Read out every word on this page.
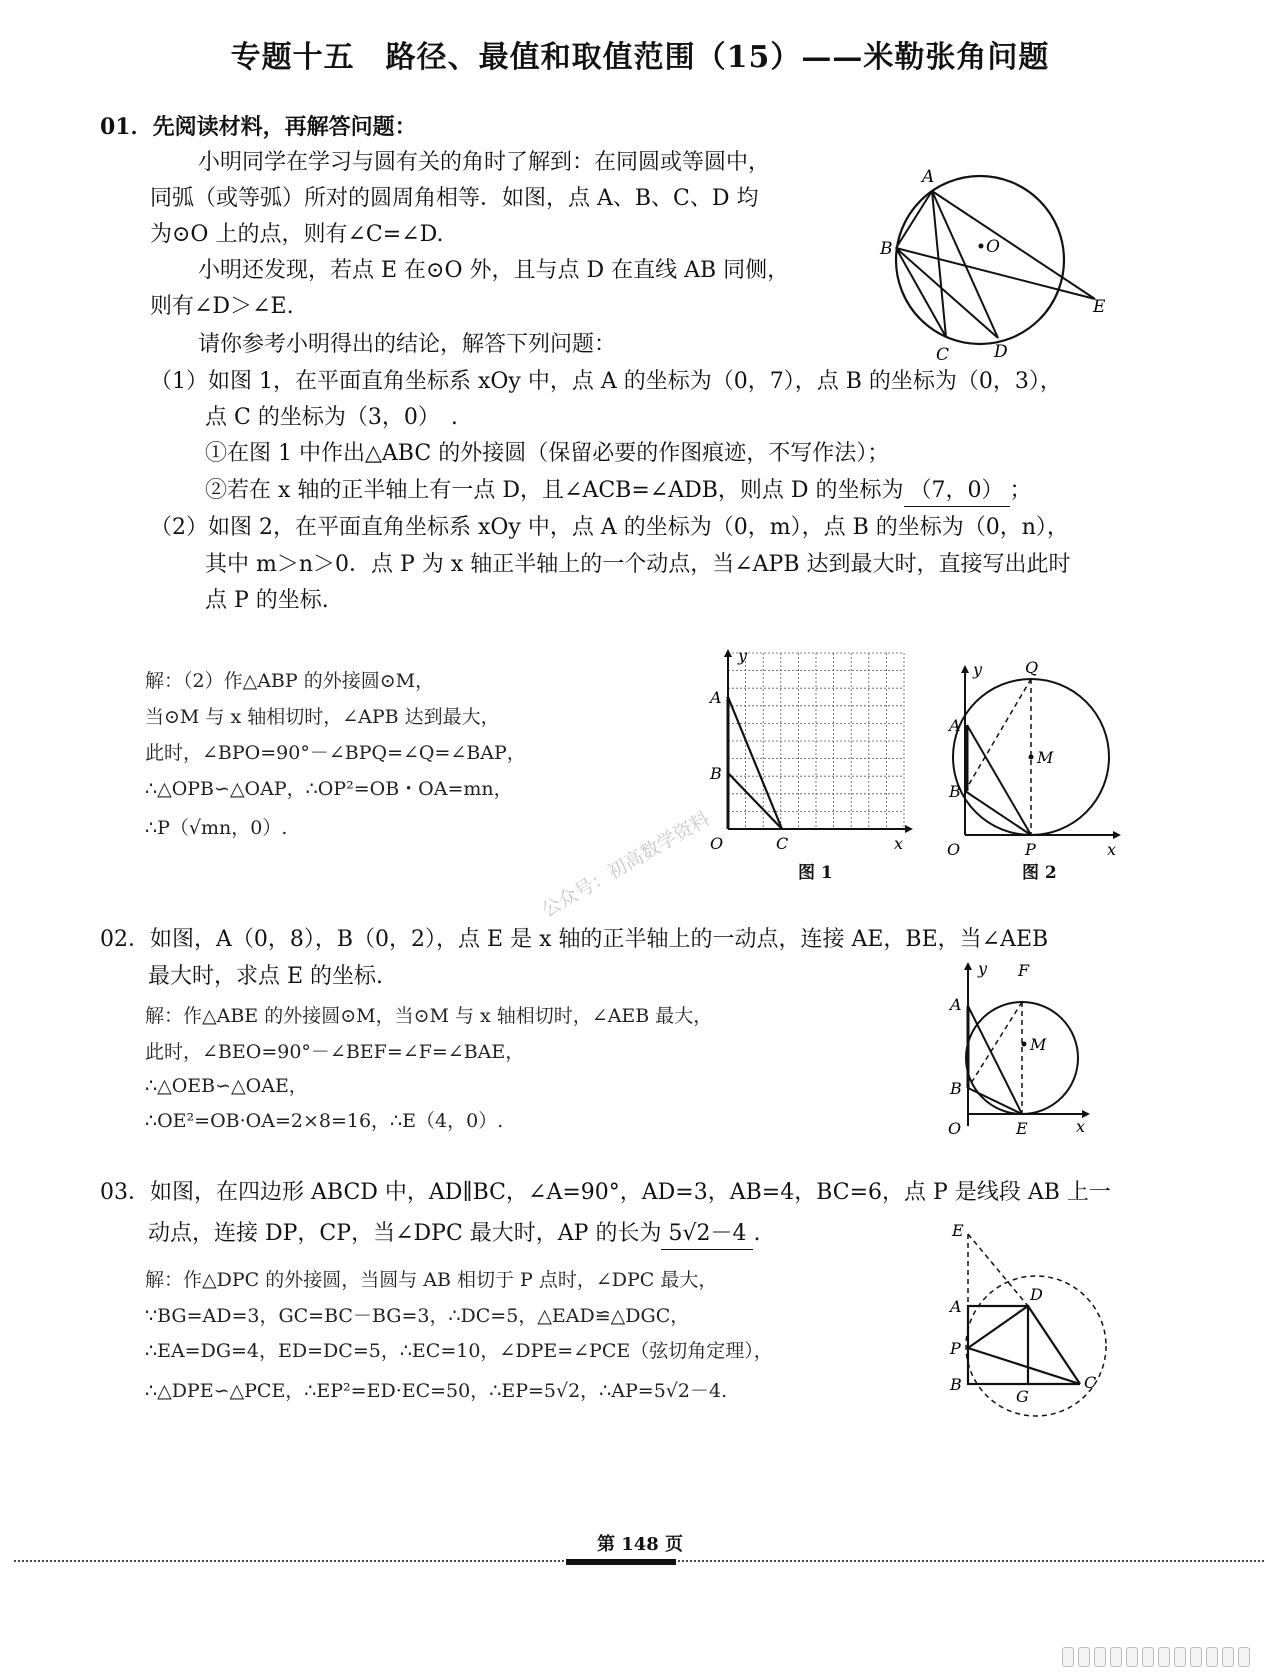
专题十五　路径、最值和取值范围（15）——米勒张角问题
01．先阅读材料，再解答问题：
小明同学在学习与圆有关的角时了解到：在同圆或等圆中，
同弧（或等弧）所对的圆周角相等．如图，点 A、B、C、D 均
为⊙O 上的点，则有∠C=∠D.
小明还发现，若点 E 在⊙O 外，且与点 D 在直线 AB 同侧，
则有∠D＞∠E.
请你参考小明得出的结论，解答下列问题：
（1）如图 1，在平面直角坐标系 xOy 中，点 A 的坐标为（0，7），点 B 的坐标为（0，3），
点 C 的坐标为（3，0）　.
①在图 1 中作出△ABC 的外接圆（保留必要的作图痕迹，不写作法）；
②若在 x 轴的正半轴上有一点 D，且∠ACB=∠ADB，则点 D 的坐标为 （7，0） ；
（2）如图 2，在平面直角坐标系 xOy 中，点 A 的坐标为（0，m），点 B 的坐标为（0，n），
其中 m＞n＞0．点 P 为 x 轴正半轴上的一个动点，当∠APB 达到最大时，直接写出此时
点 P 的坐标.
解：（2）作△ABP 的外接圆⊙M，
当⊙M 与 x 轴相切时，∠APB 达到最大，
此时，∠BPO=90°－∠BPQ=∠Q=∠BAP，
∴△OPB∽△OAP，∴OP²=OB・OA=mn，
∴P（√mn，0）.
A
B
C	D
E
O
y
x
O
A
B
C
图 1
y
x
O
A
B
P
Q
M
图 2
公众号：初高数学资料
02．如图，A（0，8），B（0，2），点 E 是 x 轴的正半轴上的一动点，连接 AE，BE，当∠AEB
最大时，求点 E 的坐标.
解：作△ABE 的外接圆⊙M，当⊙M 与 x 轴相切时，∠AEB 最大，
此时，∠BEO=90°－∠BEF=∠F=∠BAE，
∴△OEB∽△OAE，
∴OE²=OB·OA=2×8=16，∴E（4，0）.
y
x
O
A
B
E
F
M
03．如图，在四边形 ABCD 中，AD∥BC，∠A=90°，AD=3，AB=4，BC=6，点 P 是线段 AB 上一
动点，连接 DP，CP，当∠DPC 最大时，AP 的长为 5√2－4 .
解：作△DPC 的外接圆，当圆与 AB 相切于 P 点时，∠DPC 最大，
∵BG=AD=3，GC=BC－BG=3，∴DC=5，△EAD≌△DGC，
∴EA=DG=4，ED=DC=5，∴EC=10，∠DPE=∠PCE（弦切角定理），
∴△DPE∽△PCE，∴EP²=ED·EC=50，∴EP=5√2，∴AP=5√2－4.
E
A
D
P
B
G
C
第 148 页
